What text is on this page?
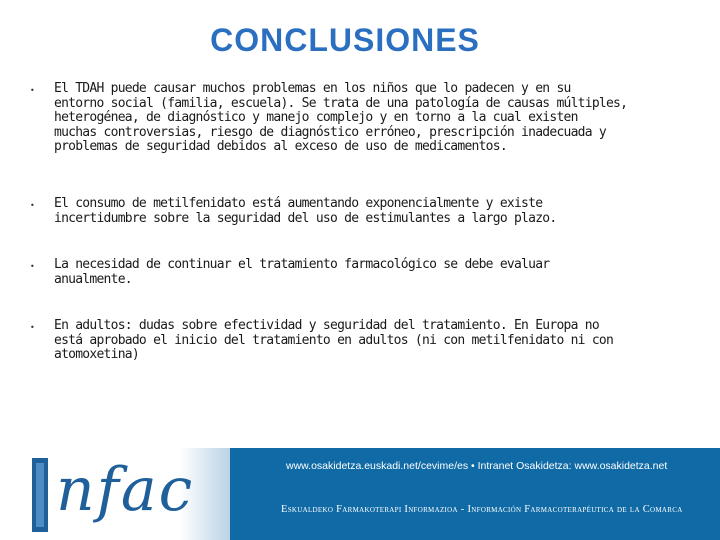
CONCLUSIONES
• El TDAH puede causar muchos problemas en los niños que lo padecen y en su
entorno social (familia, escuela). Se trata de una patología de causas múltiples,
heterogénea, de diagnóstico y manejo complejo y en torno a la cual existen
muchas controversias, riesgo de diagnóstico erróneo, prescripción inadecuada y
problemas de seguridad debidos al exceso de uso de medicamentos.
• El consumo de metilfenidato está aumentando exponencialmente y existe
incertidumbre sobre la seguridad del uso de estimulantes a largo plazo.
• La necesidad de continuar el tratamiento farmacológico se debe evaluar
anualmente.
• En adultos: dudas sobre efectividad y seguridad del tratamiento. En Europa no
está aprobado el inicio del tratamiento en adultos (ni con metilfenidato ni con
atomoxetina)
nfac	www.osakidetza.euskadi.net/cevime/es • Intranet Osakidetza: www.osakidetza.net
Eskualdeko Farmakoterapi Informazioa - Información Farmacoterapéutica de la Comarca
